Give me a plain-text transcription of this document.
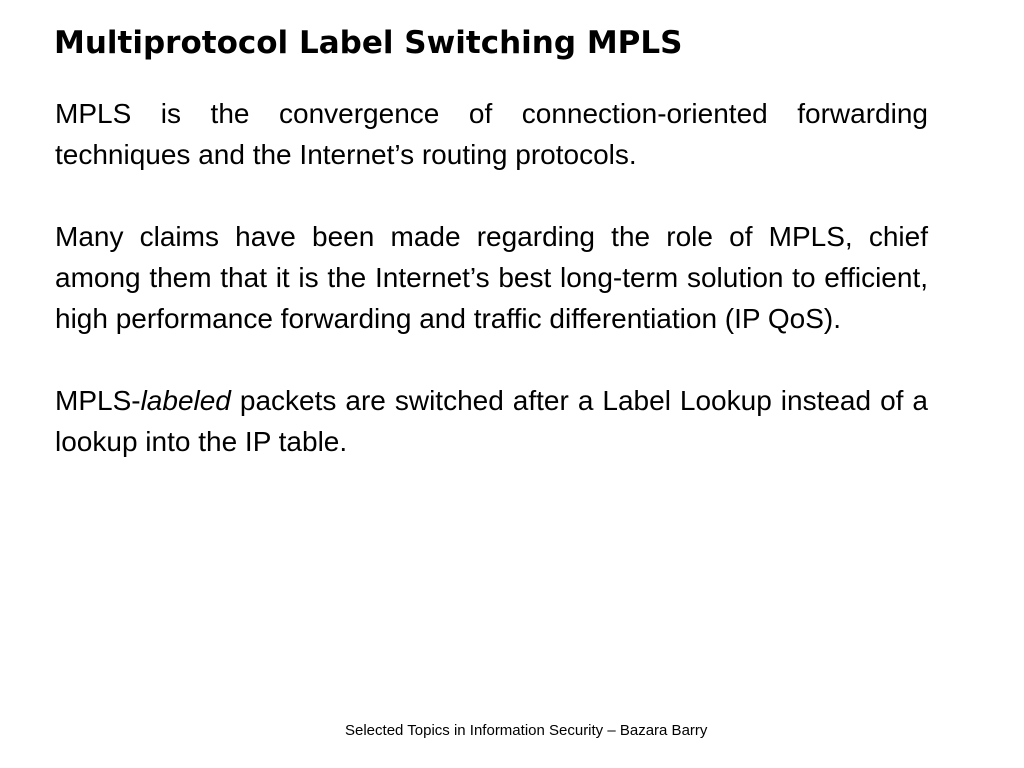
Multiprotocol Label Switching MPLS

MPLS is the convergence of connection-oriented forwarding techniques and the Internet’s routing protocols.

Many claims have been made regarding the role of MPLS, chief among them that it is the Internet’s best long-term solution to efficient, high performance forwarding and traffic differentiation (IP QoS).

MPLS-labeled packets are switched after a Label Lookup instead of a lookup into the IP table.

Selected Topics in Information Security – Bazara Barry
